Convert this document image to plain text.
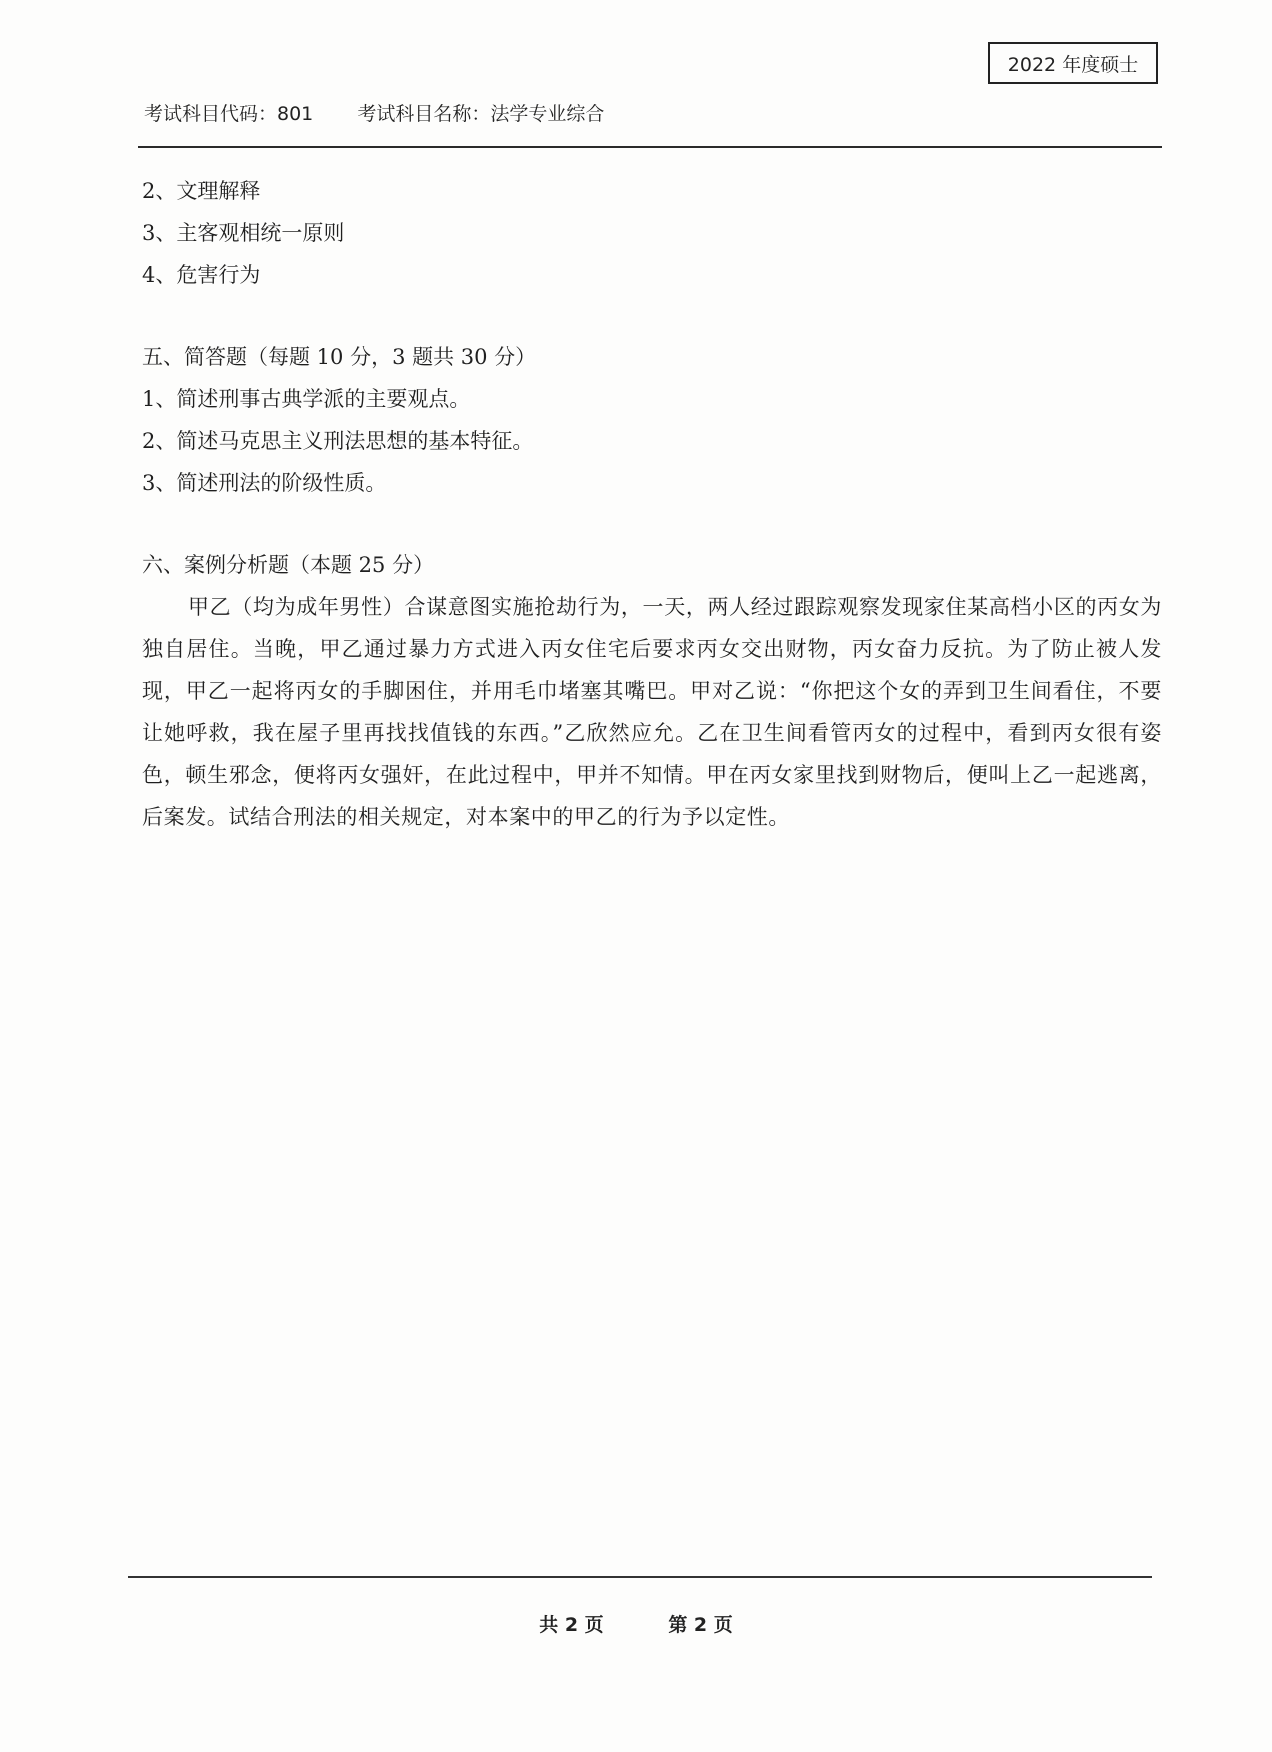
2022 年度硕士
考试科目代码：801 考试科目名称：法学专业综合
2、文理解释
3、主客观相统一原则
4、危害行为
五、简答题（每题 10 分，3 题共 30 分）
1、简述刑事古典学派的主要观点。
2、简述马克思主义刑法思想的基本特征。
3、简述刑法的阶级性质。
六、案例分析题（本题 25 分）
甲乙（均为成年男性）合谋意图实施抢劫行为，一天，两人经过跟踪观察发现家住某高档小区的丙女为独自居住。当晚，甲乙通过暴力方式进入丙女住宅后要求丙女交出财物，丙女奋力反抗。为了防止被人发现，甲乙一起将丙女的手脚困住，并用毛巾堵塞其嘴巴。甲对乙说：“你把这个女的弄到卫生间看住，不要让她呼救，我在屋子里再找找值钱的东西。”乙欣然应允。乙在卫生间看管丙女的过程中，看到丙女很有姿色，顿生邪念，便将丙女强奸，在此过程中，甲并不知情。甲在丙女家里找到财物后，便叫上乙一起逃离，后案发。试结合刑法的相关规定，对本案中的甲乙的行为予以定性。
共 2 页	第 2 页
